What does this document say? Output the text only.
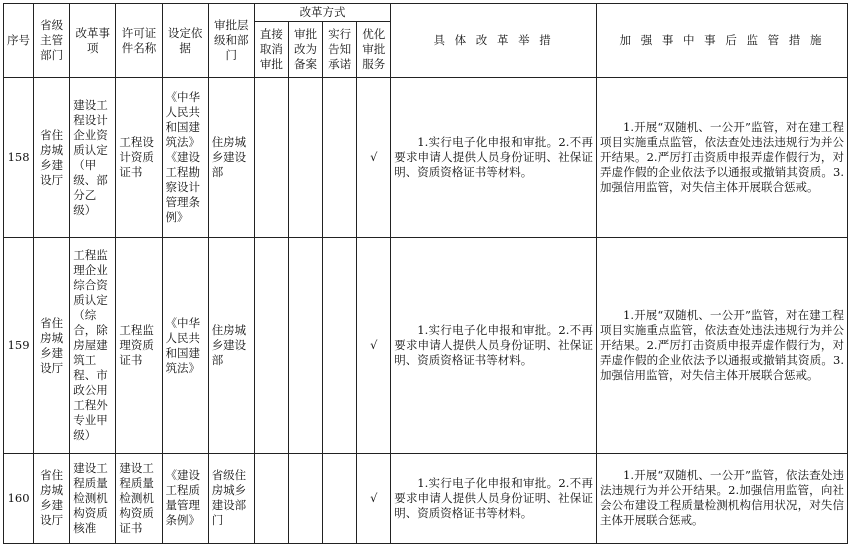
序号	省级主管部门	改革事项	许可证件名称	设定依据	审批层级和部门	改革方式				具 体 改 革 举 措	加 强 事 中 事 后 监 管 措 施
						直接取消审批	审批改为备案	实行告知承诺	优化审批服务		
158	省住房城乡建设厅	建设工程设计企业资质认定（甲级、部分乙级）	工程设计资质证书	《中华人民共和国建筑法》《建设工程勘察设计管理条例》	住房城乡建设部				√	1.实行电子化申报和审批。2.不再要求申请人提供人员身份证明、社保证明、资质资格证书等材料。	1.开展“双随机、一公开”监管，对在建工程项目实施重点监管，依法查处违法违规行为并公开结果。2.严厉打击资质申报弄虚作假行为，对弄虚作假的企业依法予以通报或撤销其资质。3.加强信用监管，对失信主体开展联合惩戒。
159	省住房城乡建设厅	工程监理企业综合资质认定（综合，除房屋建筑工程、市政公用工程外专业甲级）	工程监理资质证书	《中华人民共和国建筑法》	住房城乡建设部				√	1.实行电子化申报和审批。2.不再要求申请人提供人员身份证明、社保证明、资质资格证书等材料。	1.开展“双随机、一公开”监管，对在建工程项目实施重点监管，依法查处违法违规行为并公开结果。2.严厉打击资质申报弄虚作假行为，对弄虚作假的企业依法予以通报或撤销其资质。3.加强信用监管，对失信主体开展联合惩戒。
160	省住房城乡建设厅	建设工程质量检测机构资质核准	建设工程质量检测机构资质证书	《建设工程质量管理条例》	省级住房城乡建设部门				√	1.实行电子化申报和审批。2.不再要求申请人提供人员身份证明、社保证明、资质资格证书等材料。	1.开展“双随机、一公开”监管，依法查处违法违规行为并公开结果。2.加强信用监管，向社会公布建设工程质量检测机构信用状况，对失信主体开展联合惩戒。
